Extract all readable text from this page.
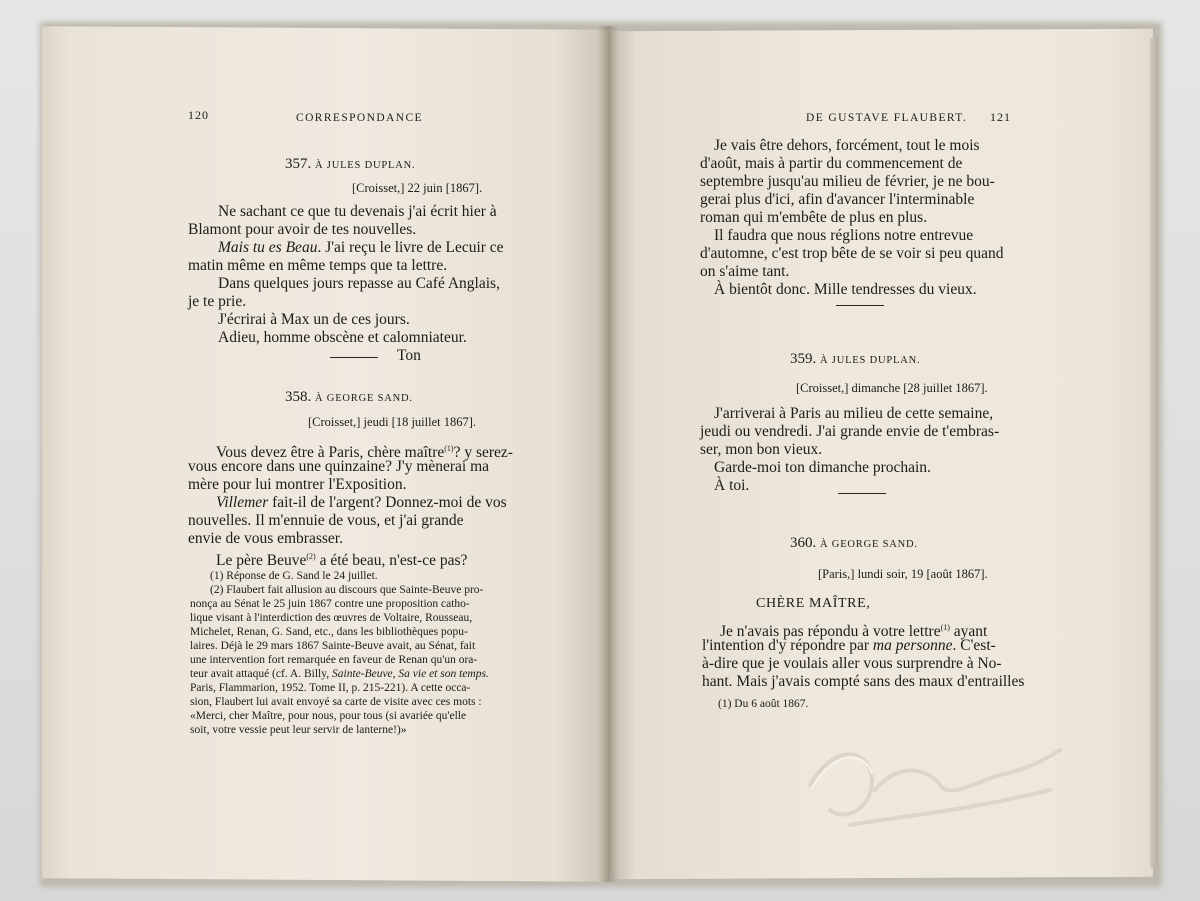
120	CORRESPONDANCE
357. À JULES DUPLAN.
[Croisset,] 22 juin [1867].
Ne sachant ce que tu devenais j'ai écrit hier à
Blamont pour avoir de tes nouvelles.
Mais tu es Beau. J'ai reçu le livre de Lecuir ce
matin même en même temps que ta lettre.
Dans quelques jours repasse au Café Anglais,
je te prie.
J'écrirai à Max un de ces jours.
Adieu, homme obscène et calomniateur.
Ton
358. À GEORGE SAND.
[Croisset,] jeudi [18 juillet 1867].
Vous devez être à Paris, chère maître$^{(1)}$? y serez-
vous encore dans une quinzaine? J'y mènerai ma
mère pour lui montrer l'Exposition.
Villemer fait-il de l'argent? Donnez-moi de vos
nouvelles. Il m'ennuie de vous, et j'ai grande
envie de vous embrasser.
Le père Beuve$^{(2)}$ a été beau, n'est-ce pas?
(1) Réponse de G. Sand le 24 juillet.
(2) Flaubert fait allusion au discours que Sainte-Beuve pro-
nonça au Sénat le 25 juin 1867 contre une proposition catho-
lique visant à l'interdiction des œuvres de Voltaire, Rousseau,
Michelet, Renan, G. Sand, etc., dans les bibliothèques popu-
laires. Déjà le 29 mars 1867 Sainte-Beuve avait, au Sénat, fait
une intervention fort remarquée en faveur de Renan qu'un ora-
teur avait attaqué (cf. A. Billy, Sainte-Beuve, Sa vie et son temps.
Paris, Flammarion, 1952. Tome II, p. 215-221). A cette occa-
sion, Flaubert lui avait envoyé sa carte de visite avec ces mots :
«Merci, cher Maître, pour nous, pour tous (si avariée qu'elle
soit, votre vessie peut leur servir de lanterne!)»
DE GUSTAVE FLAUBERT. 121
Je vais être dehors, forcément, tout le mois
d'août, mais à partir du commencement de
septembre jusqu'au milieu de février, je ne bou-
gerai plus d'ici, afin d'avancer l'interminable
roman qui m'embête de plus en plus.
Il faudra que nous réglions notre entrevue
d'automne, c'est trop bête de se voir si peu quand
on s'aime tant.
À bientôt donc. Mille tendresses du vieux.
359. À JULES DUPLAN.
[Croisset,] dimanche [28 juillet 1867].
J'arriverai à Paris au milieu de cette semaine,
jeudi ou vendredi. J'ai grande envie de t'embras-
ser, mon bon vieux.
Garde-moi ton dimanche prochain.
À toi.
360. À GEORGE SAND.
[Paris,] lundi soir, 19 [août 1867].
CHÈRE MAÎTRE,
Je n'avais pas répondu à votre lettre$^{(1)}$ ayant
l'intention d'y répondre par ma personne. C'est-
à-dire que je voulais aller vous surprendre à No-
hant. Mais j'avais compté sans des maux d'entrailles
(1) Du 6 août 1867.
